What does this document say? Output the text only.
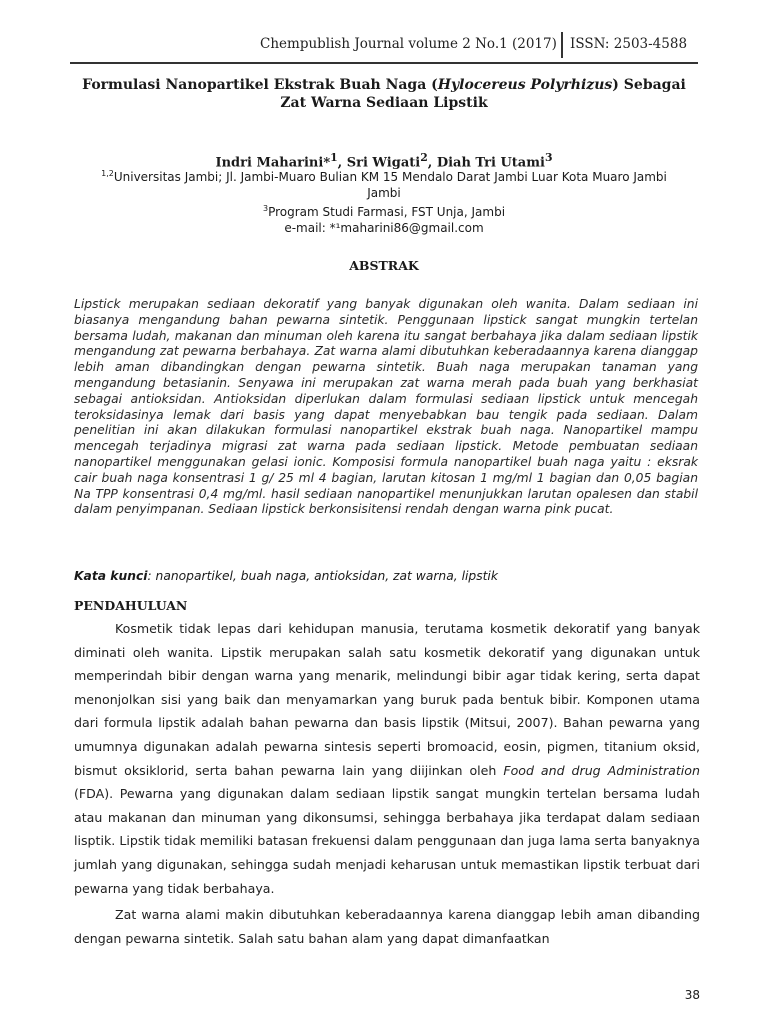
Chempublish Journal volume 2 No.1 (2017) ISSN: 2503-4588
Formulasi Nanopartikel Ekstrak Buah Naga (Hylocereus Polyrhizus) Sebagai
Zat Warna Sediaan Lipstik
Indri Maharini*$^1$, Sri Wigati$^2$, Diah Tri Utami$^3$
$^{1,2}$Universitas Jambi; Jl. Jambi-Muaro Bulian KM 15 Mendalo Darat Jambi Luar Kota Muaro Jambi Jambi
$^3$Program Studi Farmasi, FST Unja, Jambi
e-mail: *¹maharini86@gmail.com
ABSTRAK
Lipstick merupakan sediaan dekoratif yang banyak digunakan oleh wanita. Dalam sediaan ini biasanya mengandung bahan pewarna sintetik. Penggunaan lipstick sangat mungkin tertelan bersama ludah, makanan dan minuman oleh karena itu sangat berbahaya jika dalam sediaan lipstik mengandung zat pewarna berbahaya. Zat warna alami dibutuhkan keberadaannya karena dianggap lebih aman dibandingkan dengan pewarna sintetik. Buah naga merupakan tanaman yang mengandung betasianin. Senyawa ini merupakan zat warna merah pada buah yang berkhasiat sebagai antioksidan. Antioksidan diperlukan dalam formulasi sediaan lipstick untuk mencegah teroksidasinya lemak dari basis yang dapat menyebabkan bau tengik pada sediaan. Dalam penelitian ini akan dilakukan formulasi nanopartikel ekstrak buah naga. Nanopartikel mampu mencegah terjadinya migrasi zat warna pada sediaan lipstick. Metode pembuatan sediaan nanopartikel menggunakan gelasi ionic. Komposisi formula nanopartikel buah naga yaitu : eksrak cair buah naga konsentrasi 1 g/ 25 ml 4 bagian, larutan kitosan 1 mg/ml 1 bagian dan 0,05 bagian Na TPP konsentrasi 0,4 mg/ml. hasil sediaan nanopartikel menunjukkan larutan opalesen dan stabil dalam penyimpanan. Sediaan lipstick berkonsisitensi rendah dengan warna pink pucat.
Kata kunci: nanopartikel, buah naga, antioksidan, zat warna, lipstik
PENDAHULUAN

Kosmetik tidak lepas dari kehidupan manusia, terutama kosmetik dekoratif yang banyak diminati oleh wanita. Lipstik merupakan salah satu kosmetik dekoratif yang digunakan untuk memperindah bibir dengan warna yang menarik, melindungi bibir agar tidak kering, serta dapat menonjolkan sisi yang baik dan menyamarkan yang buruk pada bentuk bibir. Komponen utama dari formula lipstik adalah bahan pewarna dan basis lipstik (Mitsui, 2007). Bahan pewarna yang umumnya digunakan adalah pewarna sintesis seperti bromoacid, eosin, pigmen, titanium oksid, bismut oksiklorid, serta bahan pewarna lain yang diijinkan oleh Food and drug Administration (FDA). Pewarna yang digunakan dalam sediaan lipstik sangat mungkin tertelan bersama ludah atau makanan dan minuman yang dikonsumsi, sehingga berbahaya jika terdapat dalam sediaan lisptik. Lipstik tidak memiliki batasan frekuensi dalam penggunaan dan juga lama serta banyaknya jumlah yang digunakan, sehingga sudah menjadi keharusan untuk memastikan lipstik terbuat dari pewarna yang tidak berbahaya.

Zat warna alami makin dibutuhkan keberadaannya karena dianggap lebih aman dibanding dengan pewarna sintetik. Salah satu bahan alam yang dapat dimanfaatkan

38
